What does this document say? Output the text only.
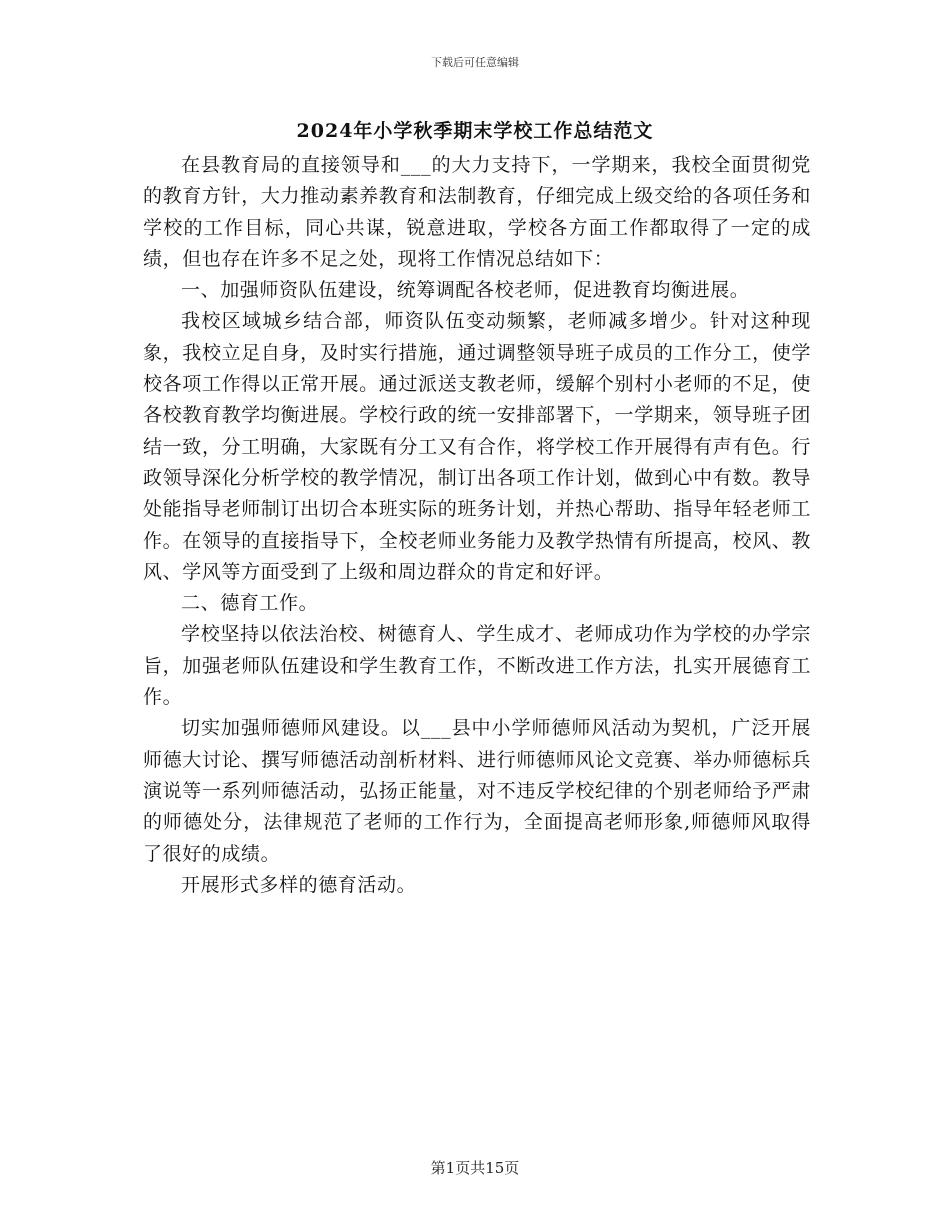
下载后可任意编辑
2024年小学秋季期末学校工作总结范文

在县教育局的直接领导和___的大力支持下，一学期来，我校全面贯彻党的教育方针，大力推动素养教育和法制教育，仔细完成上级交给的各项任务和学校的工作目标，同心共谋，锐意进取，学校各方面工作都取得了一定的成绩，但也存在许多不足之处，现将工作情况总结如下：

一、加强师资队伍建设，统筹调配各校老师，促进教育均衡进展。

我校区域城乡结合部，师资队伍变动频繁，老师减多增少。针对这种现象，我校立足自身，及时实行措施，通过调整领导班子成员的工作分工，使学校各项工作得以正常开展。通过派送支教老师，缓解个别村小老师的不足，使各校教育教学均衡进展。学校行政的统一安排部署下，一学期来，领导班子团结一致，分工明确，大家既有分工又有合作，将学校工作开展得有声有色。行政领导深化分析学校的教学情况，制订出各项工作计划，做到心中有数。教导处能指导老师制订出切合本班实际的班务计划，并热心帮助、指导年轻老师工作。在领导的直接指导下，全校老师业务能力及教学热情有所提高，校风、教风、学风等方面受到了上级和周边群众的肯定和好评。

二、德育工作。

学校坚持以依法治校、树德育人、学生成才、老师成功作为学校的办学宗旨，加强老师队伍建设和学生教育工作，不断改进工作方法，扎实开展德育工作。

切实加强师德师风建设。以___县中小学师德师风活动为契机，广泛开展师德大讨论、撰写师德活动剖析材料、进行师德师风论文竞赛、举办师德标兵演说等一系列师德活动，弘扬正能量，对不违反学校纪律的个别老师给予严肃的师德处分，法律规范了老师的工作行为，全面提高老师形象,师德师风取得了很好的成绩。

开展形式多样的德育活动。

第1页共15页
